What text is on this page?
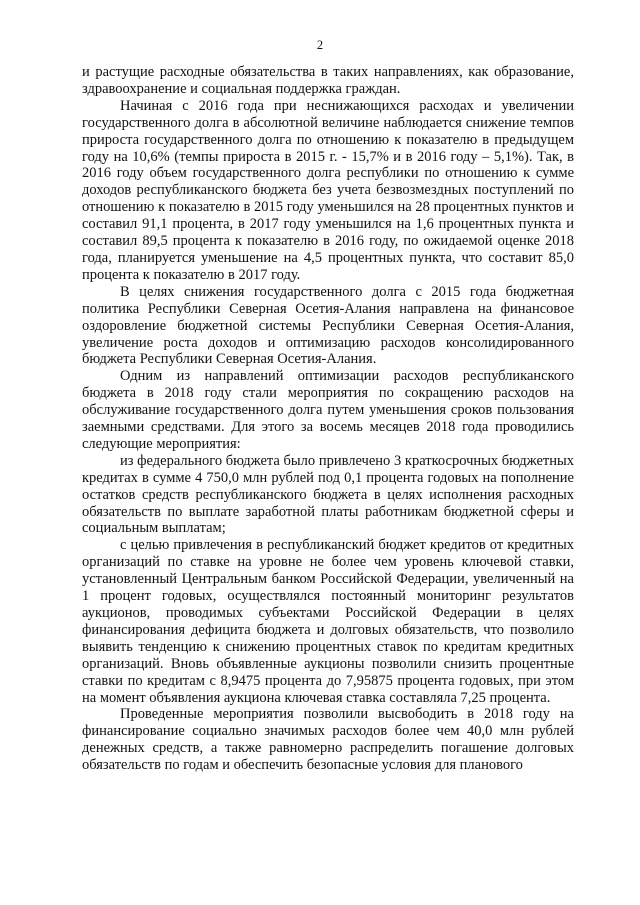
2

и растущие расходные обязательства в таких направлениях, как образование, здравоохранение и социальная поддержка граждан.

Начиная с 2016 года при неснижающихся расходах и увеличении государственного долга в абсолютной величине наблюдается снижение темпов прироста государственного долга по отношению к показателю в предыдущем году на 10,6% (темпы прироста в 2015 г. - 15,7% и в 2016 году – 5,1%). Так, в 2016 году объем государственного долга республики по отношению к сумме доходов республиканского бюджета без учета безвозмездных поступлений по отношению к показателю в 2015 году уменьшился на 28 процентных пунктов и составил 91,1 процента, в 2017 году уменьшился на 1,6 процентных пункта и составил 89,5 процента к показателю в 2016 году, по ожидаемой оценке 2018 года, планируется уменьшение на 4,5 процентных пункта, что составит 85,0 процента к показателю в 2017 году.

В целях снижения государственного долга с 2015 года бюджетная политика Республики Северная Осетия-Алания направлена на финансовое оздоровление бюджетной системы Республики Северная Осетия-Алания, увеличение роста доходов и оптимизацию расходов консолидированного бюджета Республики Северная Осетия-Алания.

Одним из направлений оптимизации расходов республиканского бюджета в 2018 году стали мероприятия по сокращению расходов на обслуживание государственного долга путем уменьшения сроков пользования заемными средствами. Для этого за восемь месяцев 2018 года проводились следующие мероприятия:

из федерального бюджета было привлечено 3 краткосрочных бюджетных кредитах в сумме 4 750,0 млн рублей под 0,1 процента годовых на пополнение остатков средств республиканского бюджета в целях исполнения расходных обязательств по выплате заработной платы работникам бюджетной сферы и социальным выплатам;

с целью привлечения в республиканский бюджет кредитов от кредитных организаций по ставке на уровне не более чем уровень ключевой ставки, установленный Центральным банком Российской Федерации, увеличенный на 1 процент годовых, осуществлялся постоянный мониторинг результатов аукционов, проводимых субъектами Российской Федерации в целях финансирования дефицита бюджета и долговых обязательств, что позволило выявить тенденцию к снижению процентных ставок по кредитам кредитных организаций. Вновь объявленные аукционы позволили снизить процентные ставки по кредитам с 8,9475 процента до 7,95875 процента годовых, при этом на момент объявления аукциона ключевая ставка составляла 7,25 процента.

Проведенные мероприятия позволили высвободить в 2018 году на финансирование социально значимых расходов более чем 40,0 млн рублей денежных средств, а также равномерно распределить погашение долговых обязательств по годам и обеспечить безопасные условия для планового
